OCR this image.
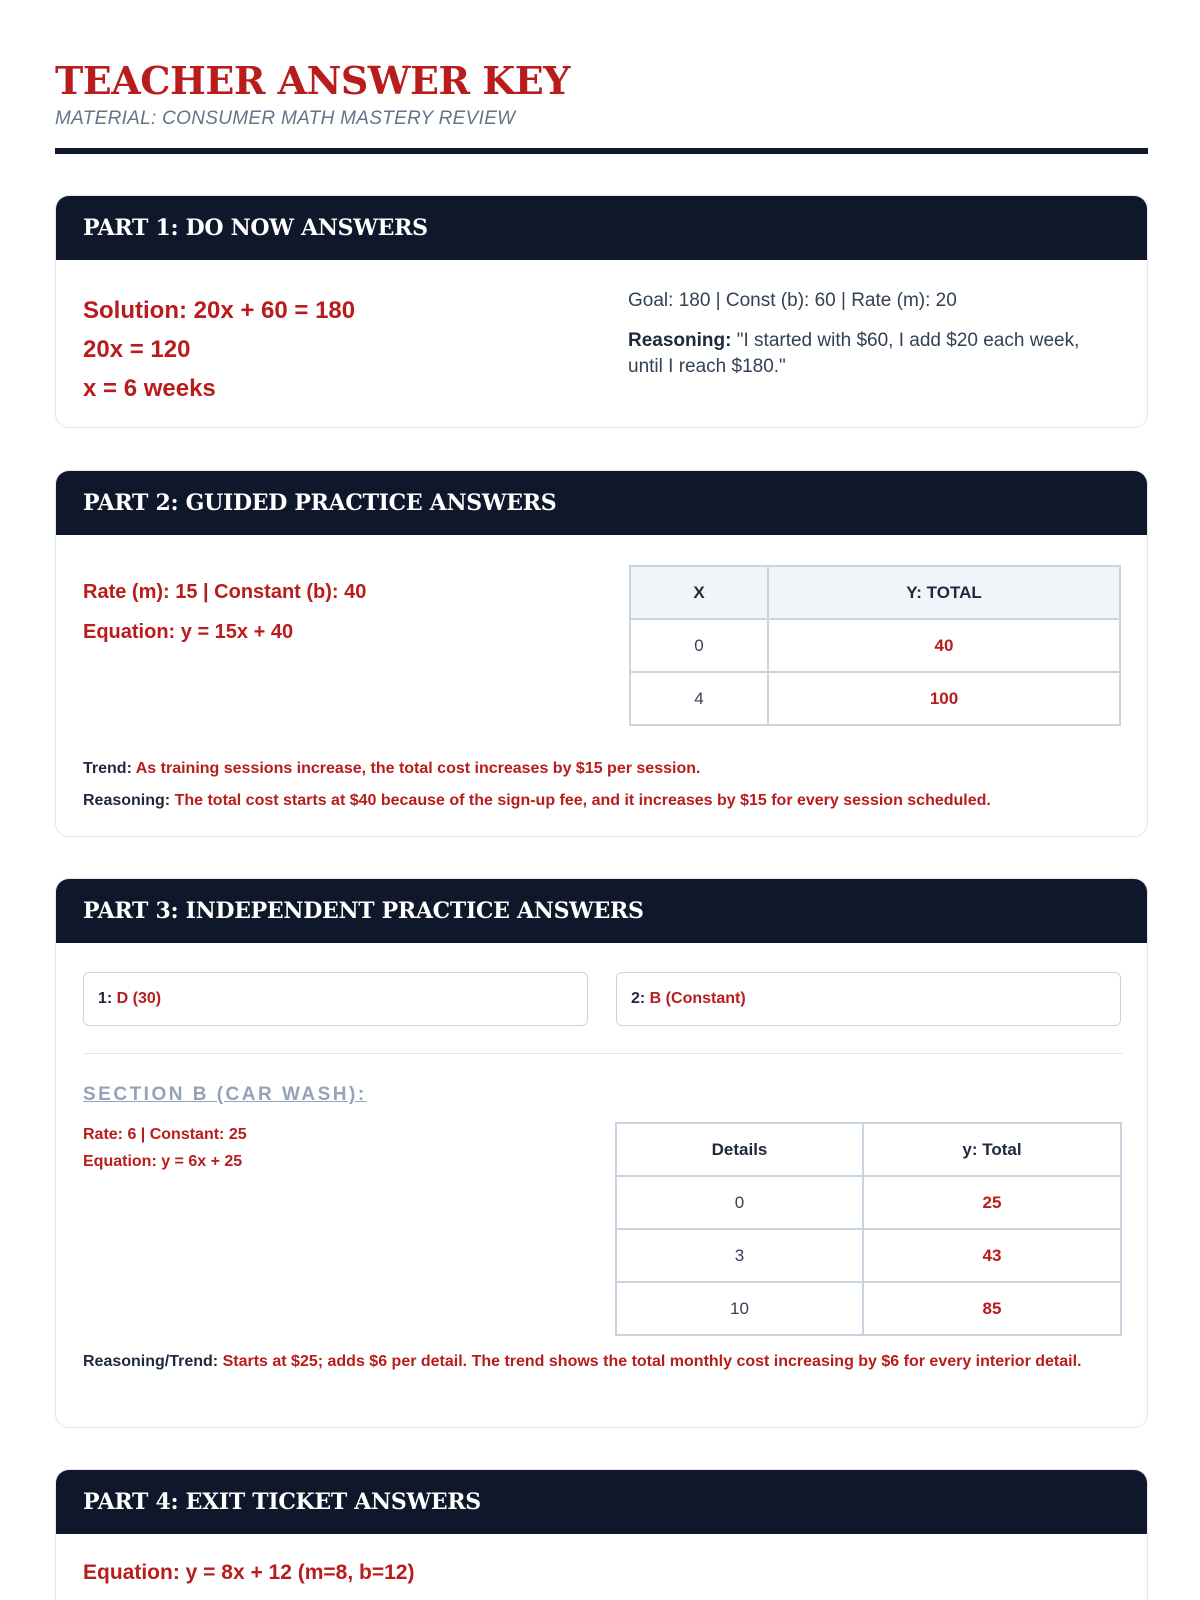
TEACHER ANSWER KEY
MATERIAL: CONSUMER MATH MASTERY REVIEW
PART 1: DO NOW ANSWERS
Solution: 20x + 60 = 180
20x = 120
x = 6 weeks
Goal: 180 | Const (b): 60 | Rate (m): 20
Reasoning: "I started with $60, I add $20 each week, until I reach $180."
PART 2: GUIDED PRACTICE ANSWERS
Rate (m): 15 | Constant (b): 40
Equation: y = 15x + 40
X	Y: TOTAL
0	40
4	100
Trend: As training sessions increase, the total cost increases by $15 per session.
Reasoning: The total cost starts at $40 because of the sign-up fee, and it increases by $15 for every session scheduled.
PART 3: INDEPENDENT PRACTICE ANSWERS
1: D (30)	2: B (Constant)
SECTION B (CAR WASH):
Rate: 6 | Constant: 25
Equation: y = 6x + 25
Details	y: Total
0	25
3	43
10	85
Reasoning/Trend: Starts at $25; adds $6 per detail. The trend shows the total monthly cost increasing by $6 for every interior detail.
PART 4: EXIT TICKET ANSWERS
Equation: y = 8x + 12 (m=8, b=12)
